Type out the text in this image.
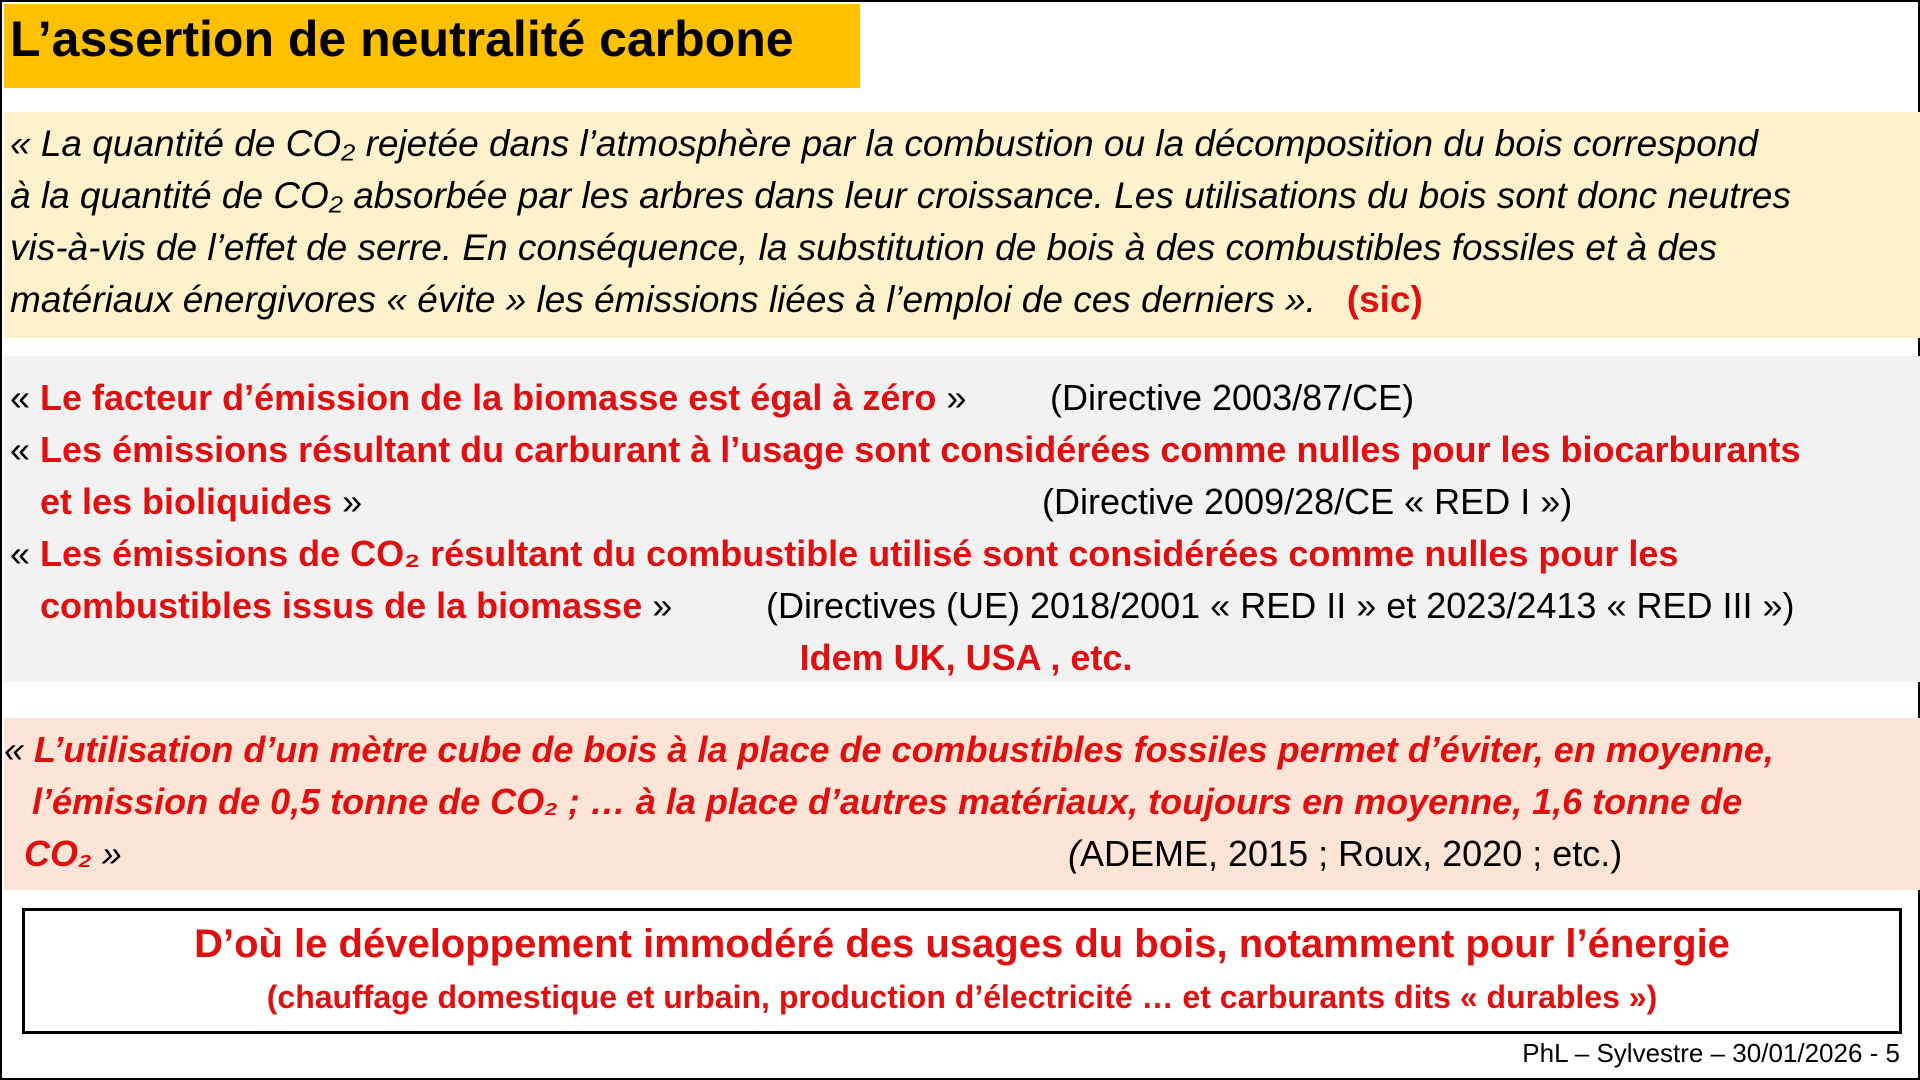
L’assertion de neutralité carbone
« La quantité de CO₂ rejetée dans l’atmosphère par la combustion ou la décomposition du bois correspond
à la quantité de CO₂ absorbée par les arbres dans leur croissance. Les utilisations du bois sont donc neutres
vis-à-vis de l’effet de serre. En conséquence, la substitution de bois à des combustibles fossiles et à des
matériaux énergivores « évite » les émissions liées à l’emploi de ces derniers ». (sic)
« Le facteur d’émission de la biomasse est égal à zéro » (Directive 2003/87/CE)
« Les émissions résultant du carburant à l’usage sont considérées comme nulles pour les biocarburants
et les bioliquides »	(Directive 2009/28/CE « RED I »)
« Les émissions de CO₂ résultant du combustible utilisé sont considérées comme nulles pour les
combustibles issus de la biomasse »	(Directives (UE) 2018/2001 « RED II » et 2023/2413 « RED III »)
Idem UK, USA , etc.
« L’utilisation d’un mètre cube de bois à la place de combustibles fossiles permet d’éviter, en moyenne,
l’émission de 0,5 tonne de CO₂ ; … à la place d’autres matériaux, toujours en moyenne, 1,6 tonne de
CO₂ »	(ADEME, 2015 ; Roux, 2020 ; etc.)
D’où le développement immodéré des usages du bois, notamment pour l’énergie
(chauffage domestique et urbain, production d’électricité … et carburants dits « durables »)
PhL – Sylvestre – 30/01/2026 - 5
